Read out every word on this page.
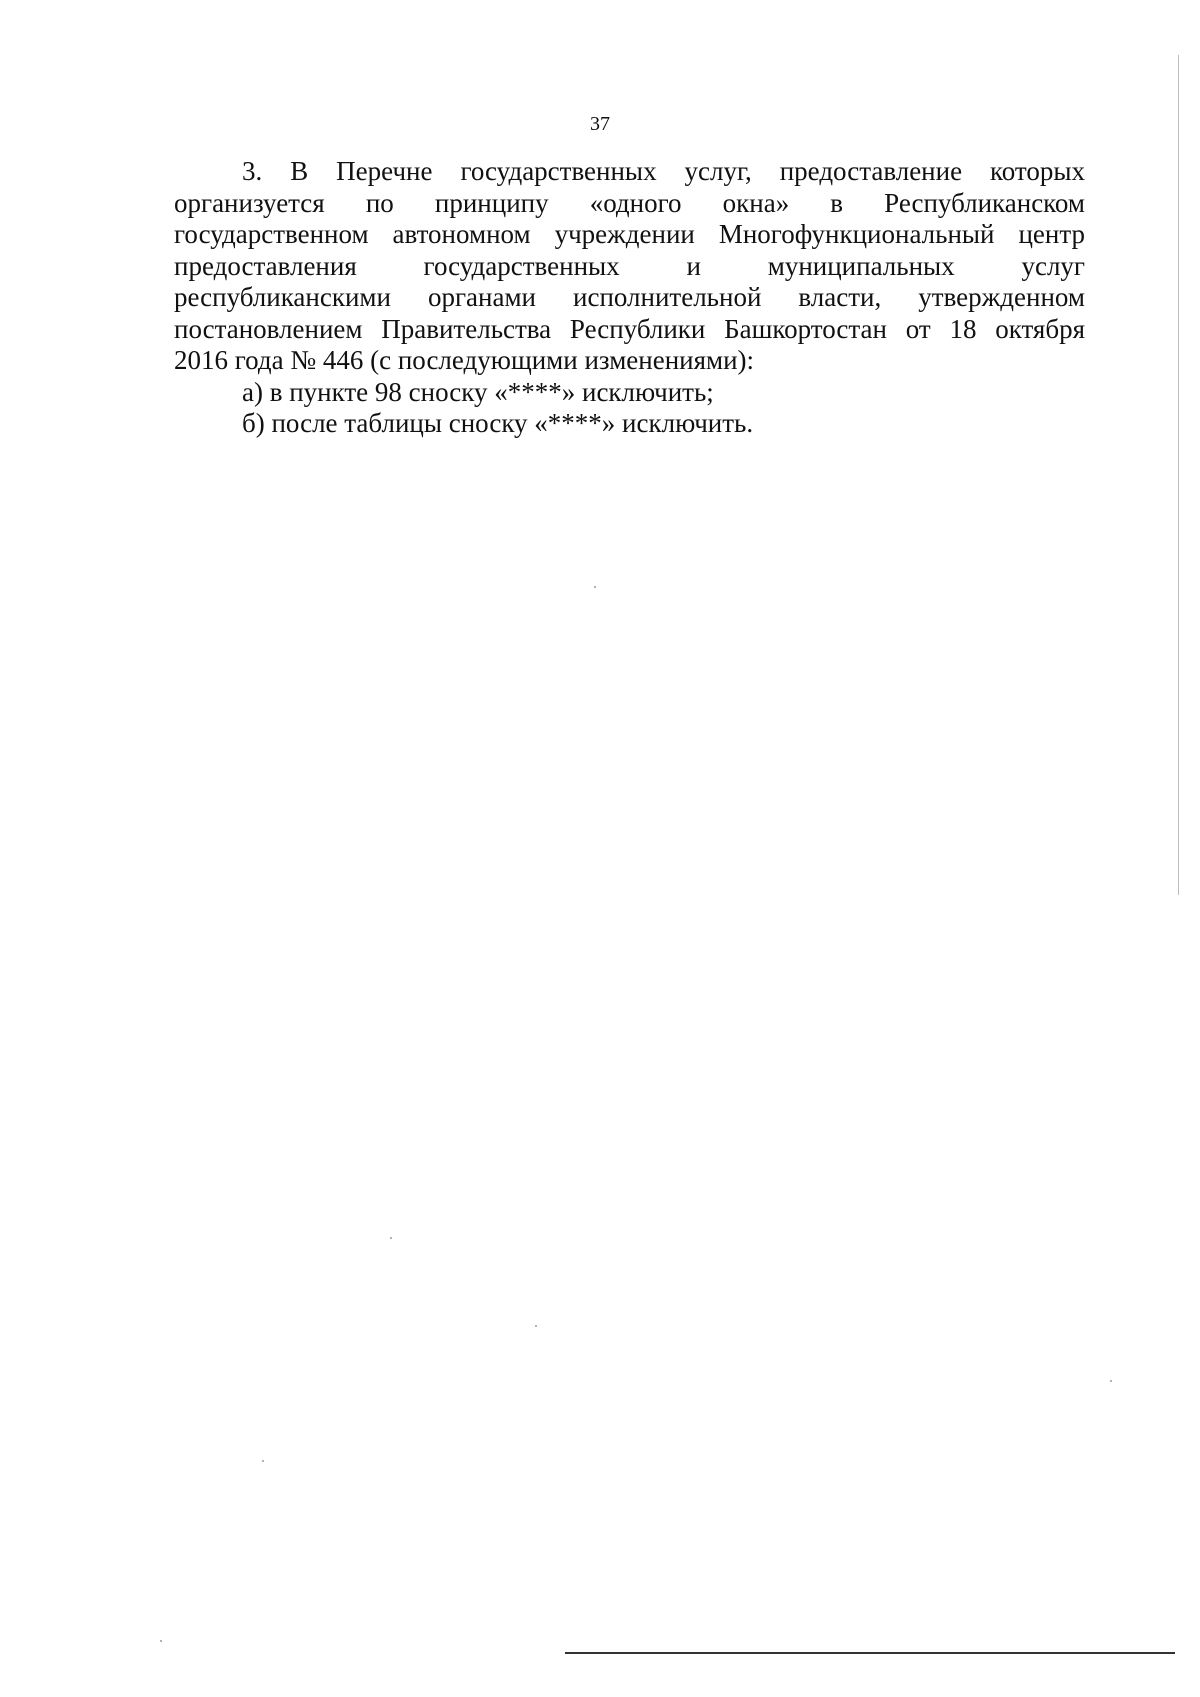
37

3. В Перечне государственных услуг, предоставление которых
организуется по принципу «одного окна» в Республиканском
государственном автономном учреждении Многофункциональный центр
предоставления государственных и муниципальных услуг
республиканскими органами исполнительной власти, утвержденном
постановлением Правительства Республики Башкортостан от 18 октября
2016 года № 446 (с последующими изменениями):

а) в пункте 98 сноску «****» исключить;

б) после таблицы сноску «****» исключить.
